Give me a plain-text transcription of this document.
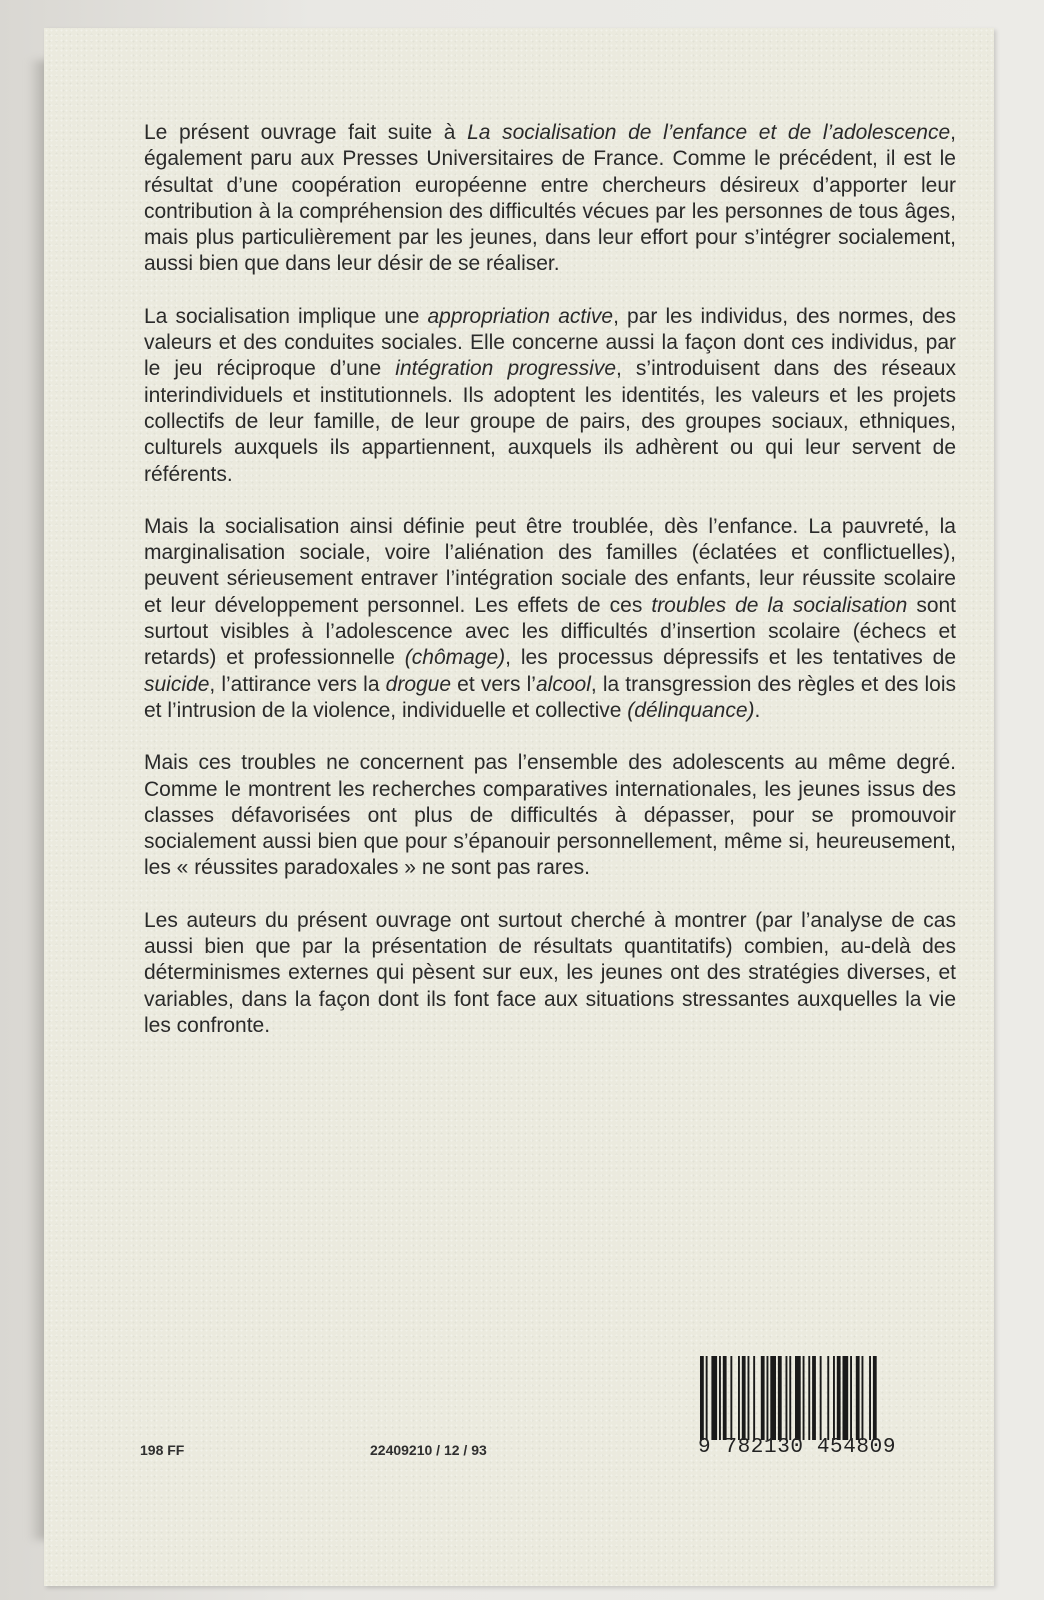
Le présent ouvrage fait suite à La socialisation de l’enfance et de l’adolescence, également paru aux Presses Universitaires de France. Comme le précédent, il est le résultat d’une coopération européenne entre chercheurs désireux d’apporter leur contribution à la compréhension des difficultés vécues par les personnes de tous âges, mais plus particulièrement par les jeunes, dans leur effort pour s’intégrer socialement, aussi bien que dans leur désir de se réaliser.

La socialisation implique une appropriation active, par les individus, des normes, des valeurs et des conduites sociales. Elle concerne aussi la façon dont ces individus, par le jeu réciproque d’une intégration progressive, s’introduisent dans des réseaux interindividuels et institutionnels. Ils adoptent les identités, les valeurs et les projets collectifs de leur famille, de leur groupe de pairs, des groupes sociaux, ethniques, culturels auxquels ils appartiennent, auxquels ils adhèrent ou qui leur servent de référents.

Mais la socialisation ainsi définie peut être troublée, dès l’enfance. La pauvreté, la marginalisation sociale, voire l’aliénation des familles (éclatées et conflictuelles), peuvent sérieusement entraver l’intégration sociale des enfants, leur réussite scolaire et leur développement personnel. Les effets de ces troubles de la socialisation sont surtout visibles à l’adolescence avec les difficultés d’insertion scolaire (échecs et retards) et professionnelle (chômage), les processus dépressifs et les tentatives de suicide, l’attirance vers la drogue et vers l’alcool, la transgression des règles et des lois et l’intrusion de la violence, individuelle et collective (délinquance).

Mais ces troubles ne concernent pas l’ensemble des adolescents au même degré. Comme le montrent les recherches comparatives internationales, les jeunes issus des classes défavorisées ont plus de difficultés à dépasser, pour se promouvoir socialement aussi bien que pour s’épanouir personnellement, même si, heureusement, les « réussites paradoxales » ne sont pas rares.

Les auteurs du présent ouvrage ont surtout cherché à montrer (par l’analyse de cas aussi bien que par la présentation de résultats quantitatifs) combien, au-delà des déterminismes externes qui pèsent sur eux, les jeunes ont des stratégies diverses, et variables, dans la façon dont ils font face aux situations stressantes auxquelles la vie les confronte.

198 FF	22409210 / 12 / 93	9 782130 454809
